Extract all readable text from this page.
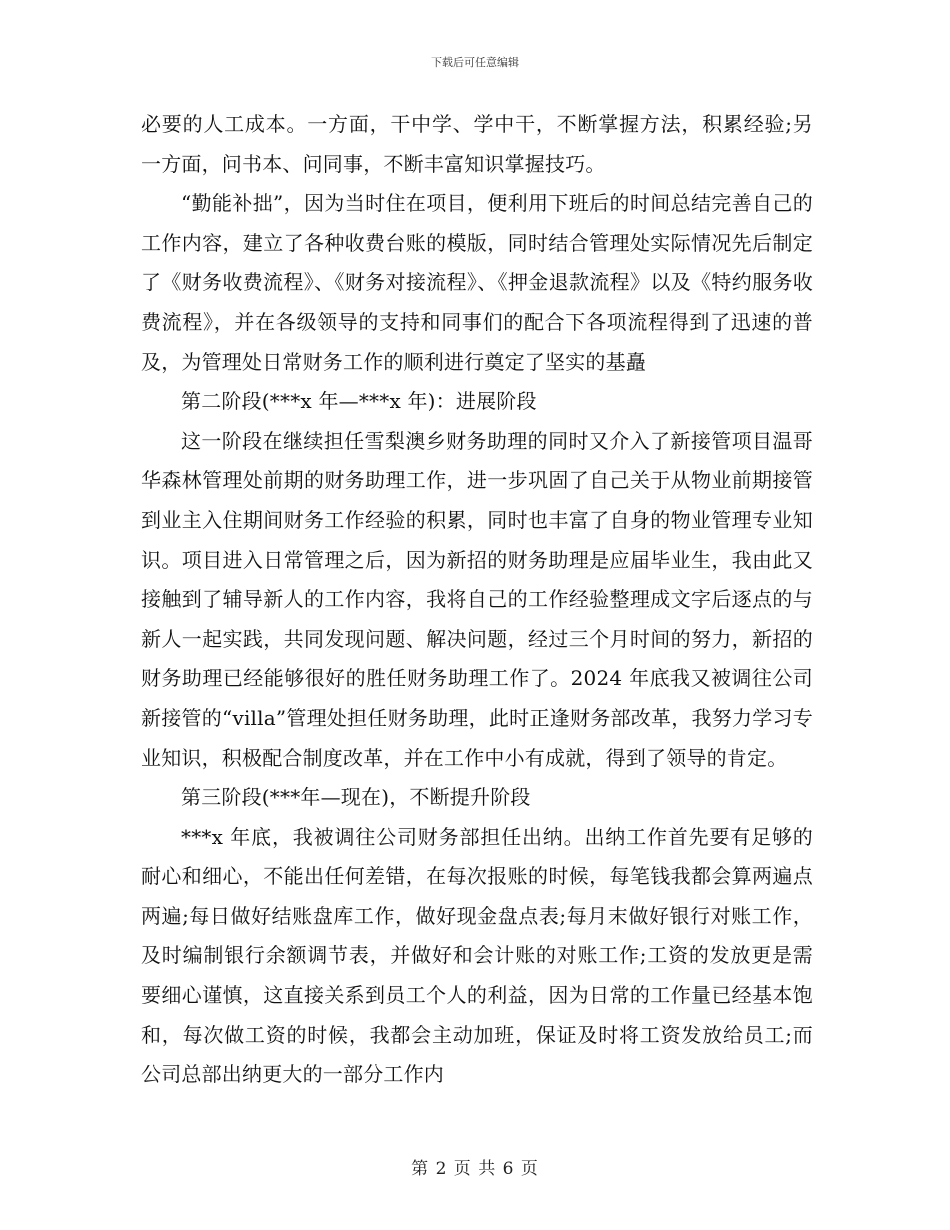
下载后可任意编辑

必要的人工成本。一方面，干中学、学中干，不断掌握方法，积累经验;另一方面，问书本、问同事，不断丰富知识掌握技巧。

“勤能补拙”，因为当时住在项目，便利用下班后的时间总结完善自己的工作内容，建立了各种收费台账的模版，同时结合管理处实际情况先后制定了《财务收费流程》、《财务对接流程》、《押金退款流程》以及《特约服务收费流程》，并在各级领导的支持和同事们的配合下各项流程得到了迅速的普及，为管理处日常财务工作的顺利进行奠定了坚实的基矗

第二阶段(***x 年—***x 年)：进展阶段

这一阶段在继续担任雪梨澳乡财务助理的同时又介入了新接管项目温哥华森林管理处前期的财务助理工作，进一步巩固了自己关于从物业前期接管到业主入住期间财务工作经验的积累，同时也丰富了自身的物业管理专业知识。项目进入日常管理之后，因为新招的财务助理是应届毕业生，我由此又接触到了辅导新人的工作内容，我将自己的工作经验整理成文字后逐点的与新人一起实践，共同发现问题、解决问题，经过三个月时间的努力，新招的财务助理已经能够很好的胜任财务助理工作了。2024 年底我又被调往公司新接管的“villa”管理处担任财务助理，此时正逢财务部改革，我努力学习专业知识，积极配合制度改革，并在工作中小有成就，得到了领导的肯定。

第三阶段(***年—现在)，不断提升阶段

***x 年底，我被调往公司财务部担任出纳。出纳工作首先要有足够的耐心和细心，不能出任何差错，在每次报账的时候，每笔钱我都会算两遍点两遍;每日做好结账盘库工作，做好现金盘点表;每月末做好银行对账工作，及时编制银行余额调节表，并做好和会计账的对账工作;工资的发放更是需要细心谨慎，这直接关系到员工个人的利益，因为日常的工作量已经基本饱和，每次做工资的时候，我都会主动加班，保证及时将工资发放给员工;而公司总部出纳更大的一部分工作内

第 2 页 共 6 页
